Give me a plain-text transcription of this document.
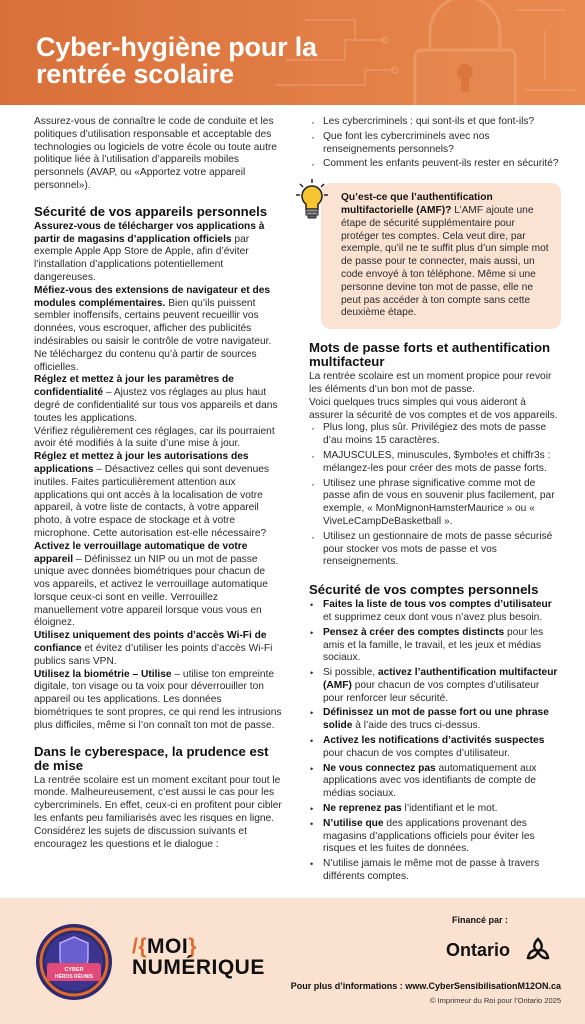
Cyber-hygiène pour la
rentrée scolaire

Assurez-vous de connaître le code de conduite et les politiques d’utilisation responsable et acceptable des technologies ou logiciels de votre école ou toute autre politique liée à l’utilisation d’appareils mobiles personnels (AVAP, ou «Apportez votre appareil personnel»).

Sécurité de vos appareils personnels

Assurez-vous de télécharger vos applications à partir de magasins d’application officiels par exemple Apple App Store de Apple, afin d’éviter l’installation d’applications potentiellement dangereuses.

Méfiez-vous des extensions de navigateur et des modules complémentaires. Bien qu’ils puissent sembler inoffensifs, certains peuvent recueillir vos données, vous escroquer, afficher des publicités indésirables ou saisir le contrôle de votre navigateur. Ne téléchargez du contenu qu’à partir de sources officielles.

Réglez et mettez à jour les paramètres de confidentialité – Ajustez vos réglages au plus haut degré de confidentialité sur tous vos appareils et dans toutes les applications.

Vérifiez régulièrement ces réglages, car ils pourraient avoir été modifiés à la suite d’une mise à jour.

Réglez et mettez à jour les autorisations des applications – Désactivez celles qui sont devenues inutiles. Faites particulièrement attention aux applications qui ont accès à la localisation de votre appareil, à votre liste de contacts, à votre appareil photo, à votre espace de stockage et à votre microphone. Cette autorisation est-elle nécessaire?

Activez le verrouillage automatique de votre appareil – Définissez un NIP ou un mot de passe unique avec données biométriques pour chacun de vos appareils, et activez le verrouillage automatique lorsque ceux-ci sont en veille. Verrouillez manuellement votre appareil lorsque vous vous en éloignez.

Utilisez uniquement des points d’accès Wi-Fi de confiance et évitez d’utiliser les points d’accès Wi-Fi publics sans VPN.

Utilisez la biométrie – Utilise – utilise ton empreinte digitale, ton visage ou ta voix pour déverrouiller ton appareil ou tes applications. Les données biométriques te sont propres, ce qui rend les intrusions plus difficiles, même si l’on connaît ton mot de passe.

Dans le cyberespace, la prudence est de mise

La rentrée scolaire est un moment excitant pour tout le monde. Malheureusement, c’est aussi le cas pour les cybercriminels. En effet, ceux-ci en profitent pour cibler les enfants peu familiarisés avec les risques en ligne. Considérez les sujets de discussion suivants et encouragez les questions et le dialogue :

· Les cybercriminels : qui sont-ils et que font-ils?
· Que font les cybercriminels avec nos renseignements personnels?
· Comment les enfants peuvent-ils rester en sécurité?

Qu’est-ce que l’authentification multifactorielle (AMF)? L’AMF ajoute une étape de sécurité supplémentaire pour protéger tes comptes. Cela veut dire, par exemple, qu’il ne te suffit plus d’un simple mot de passe pour te connecter, mais aussi, un code envoyé à ton téléphone. Même si une personne devine ton mot de passe, elle ne peut pas accéder à ton compte sans cette deuxième étape.

Mots de passe forts et authentification multifacteur

La rentrée scolaire est un moment propice pour revoir les éléments d’un bon mot de passe.

Voici quelques trucs simples qui vous aideront à assurer la sécurité de vos comptes et de vos appareils.

· Plus long, plus sûr. Privilégiez des mots de passe d’au moins 15 caractères.
· MAJUSCULES, minuscules, $ymbo!es et chiffr3s : mélangez-les pour créer des mots de passe forts.
· Utilisez une phrase significative comme mot de passe afin de vous en souvenir plus facilement, par exemple, « MonMignonHamsterMaurice » ou « ViveLeCampDeBasketball ».
· Utilisez un gestionnaire de mots de passe sécurisé pour stocker vos mots de passe et vos renseignements.
Sécurité de vos comptes personnels
• Faites la liste de tous vos comptes d’utilisateur et supprimez ceux dont vous n’avez plus besoin.
• Pensez à créer des comptes distincts pour les amis et la famille, le travail, et les jeux et médias sociaux.
• Si possible, activez l’authentification multifacteur (AMF) pour chacun de vos comptes d’utilisateur pour renforcer leur sécurité.
• Définissez un mot de passe fort ou une phrase solide à l’aide des trucs ci-dessus.
• Activez les notifications d’activités suspectes pour chacun de vos comptes d’utilisateur.
• Ne vous connectez pas automatiquement aux applications avec vos identifiants de compte de médias sociaux.
• Ne reprenez pas l’identifiant et le mot.
• N’utilise que des applications provenant des magasins d’applications officiels pour éviter les risques et les fuites de données.
• N’utilise jamais le même mot de passe à travers différents comptes.
CYBER
HÉROS RÉUNIS
/{MOI}
NUMÉRIQUE
Financé par :
Ontario
Pour plus d’informations : www.CyberSensibilisationM12ON.ca
© Imprimeur du Roi pour l’Ontario 2025
